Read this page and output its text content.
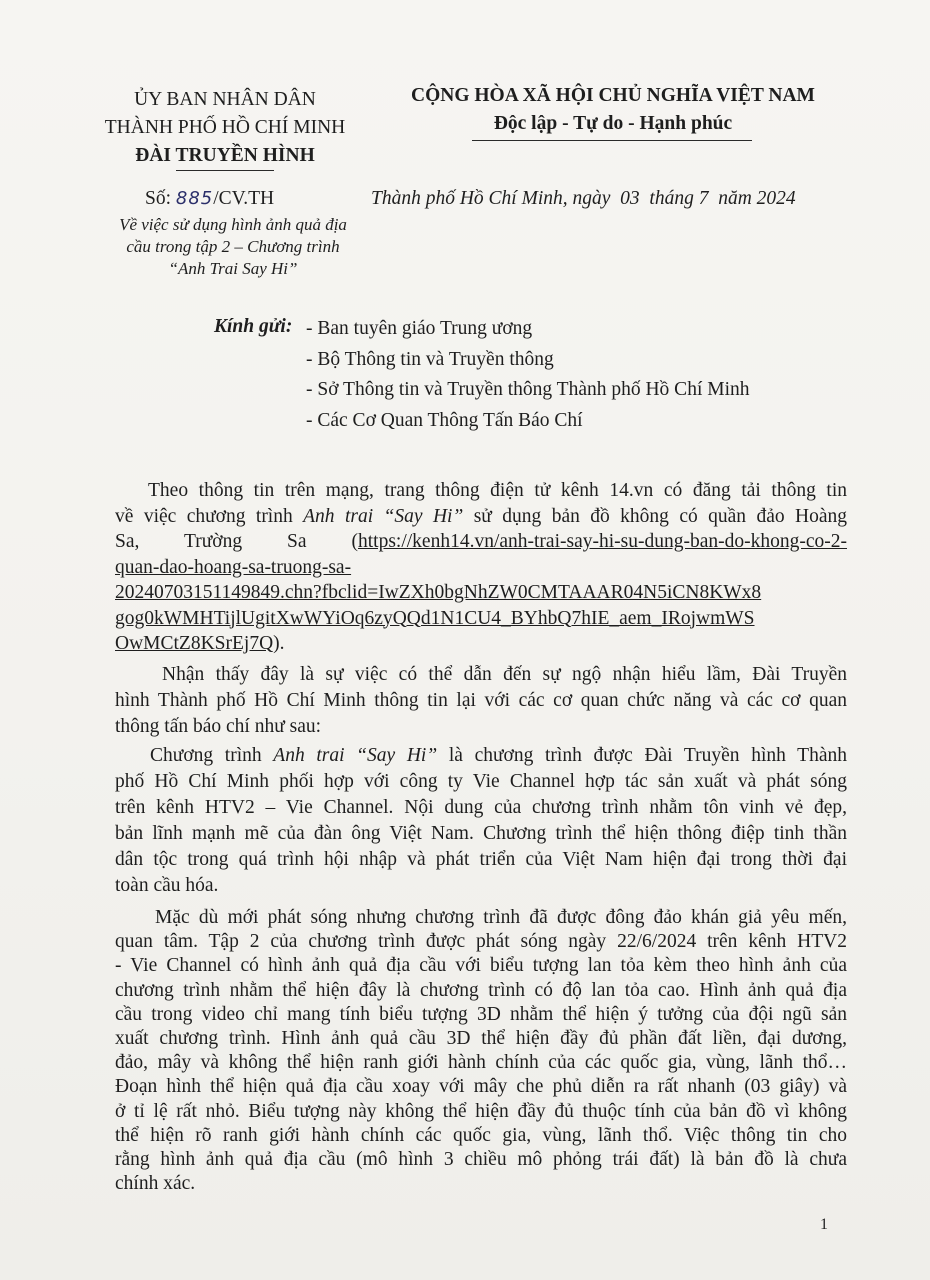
ỦY BAN NHÂN DÂN
THÀNH PHỐ HỒ CHÍ MINH
ĐÀI TRUYỀN HÌNH
CỘNG HÒA XÃ HỘI CHỦ NGHĨA VIỆT NAM
Độc lập - Tự do - Hạnh phúc
Số: 885/CV.TH
Về việc sử dụng hình ảnh quả địa
cầu trong tập 2 – Chương trình
“Anh Trai Say Hi”
Thành phố Hồ Chí Minh, ngày  03  tháng 7  năm 2024
Kính gửi: - Ban tuyên giáo Trung ương
- Bộ Thông tin và Truyền thông
- Sở Thông tin và Truyền thông Thành phố Hồ Chí Minh
- Các Cơ Quan Thông Tấn Báo Chí
Theo thông tin trên mạng, trang thông điện tử kênh 14.vn có đăng tải thông tin
về việc chương trình Anh trai “Say Hi” sử dụng bản đồ không có quần đảo Hoàng
Sa, Trường Sa (https://kenh14.vn/anh-trai-say-hi-su-dung-ban-do-khong-co-2-
quan-dao-hoang-sa-truong-sa-
20240703151149849.chn?fbclid=IwZXh0bgNhZW0CMTAAAR04N5iCN8KWx8
gog0kWMHTijlUgitXwWYiOq6zyQQd1N1CU4_BYhbQ7hIE_aem_IRojwmWS
OwMCtZ8KSrEj7Q).
Nhận thấy đây là sự việc có thể dẫn đến sự ngộ nhận hiểu lầm, Đài Truyền
hình Thành phố Hồ Chí Minh thông tin lại với các cơ quan chức năng và các cơ quan
thông tấn báo chí như sau:
Chương trình Anh trai “Say Hi” là chương trình được Đài Truyền hình Thành
phố Hồ Chí Minh phối hợp với công ty Vie Channel hợp tác sản xuất và phát sóng
trên kênh HTV2 – Vie Channel. Nội dung của chương trình nhằm tôn vinh vẻ đẹp,
bản lĩnh mạnh mẽ của đàn ông Việt Nam. Chương trình thể hiện thông điệp tinh thần
dân tộc trong quá trình hội nhập và phát triển của Việt Nam hiện đại trong thời đại
toàn cầu hóa.
Mặc dù mới phát sóng nhưng chương trình đã được đông đảo khán giả yêu mến,
quan tâm. Tập 2 của chương trình được phát sóng ngày 22/6/2024 trên kênh HTV2
- Vie Channel có hình ảnh quả địa cầu với biểu tượng lan tỏa kèm theo hình ảnh của
chương trình nhằm thể hiện đây là chương trình có độ lan tỏa cao. Hình ảnh quả địa
cầu trong video chỉ mang tính biểu tượng 3D nhằm thể hiện ý tưởng của đội ngũ sản
xuất chương trình. Hình ảnh quả cầu 3D thể hiện đầy đủ phần đất liền, đại dương,
đảo, mây và không thể hiện ranh giới hành chính của các quốc gia, vùng, lãnh thổ…
Đoạn hình thể hiện quả địa cầu xoay với mây che phủ diễn ra rất nhanh (03 giây) và
ở tỉ lệ rất nhỏ. Biểu tượng này không thể hiện đầy đủ thuộc tính của bản đồ vì không
thể hiện rõ ranh giới hành chính các quốc gia, vùng, lãnh thổ. Việc thông tin cho
rằng hình ảnh quả địa cầu (mô hình 3 chiều mô phỏng trái đất) là bản đồ là chưa
chính xác.
1
